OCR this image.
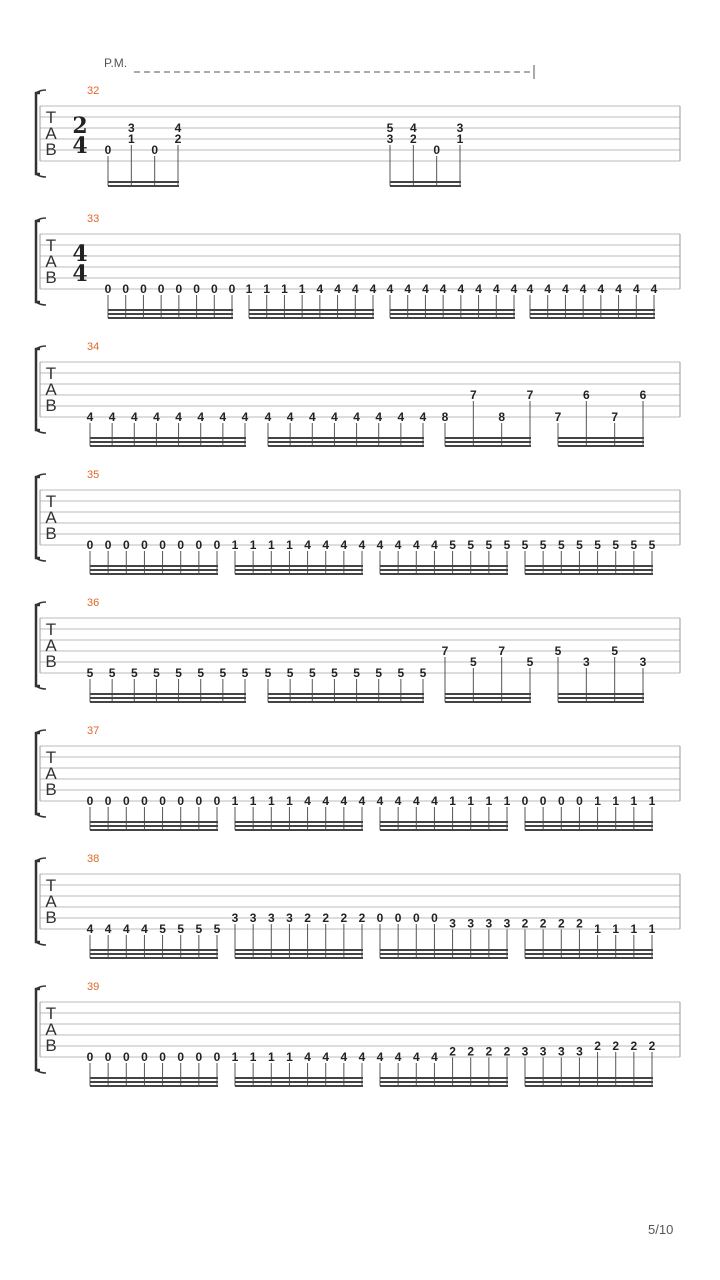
P.M.
32
T
A
B
2
4 0
1
3
0
2
4
3
5
2
4
0
1
3
33
T
A
B
4
4
0 0 0 0 0 0 0 0 1 1 1 1 4 4 4 4 4 4 4 4 4 4 4 4 4 4 4 4 4 4 4 4
34
T
A
B
4 4 4 4 4 4 4 4 4 4 4 4 4 4 4 4 8
7
8
7
7
6
7
6
35
T
A
B
0 0 0 0 0 0 0 0 1 1 1 1 4 4 4 4 4 4 4 4 5 5 5 5 5 5 5 5 5 5 5 5
36
T
A
B
5 5 5 5 5 5 5 5 5 5 5 5 5 5 5 5
7
5
7
5
5
3
5
3
37
T
A
B
0 0 0 0 0 0 0 0 1 1 1 1 4 4 4 4 4 4 4 4 1 1 1 1 0 0 0 0 1 1 1 1
38
T
A
B
4 4 4 4 5 5 5 5
3 3 3 3 2 2 2 2 0 0 0 0 3 3 3 3 2 2 2 2 1 1 1 1
39
T
A
B
0 0 0 0 0 0 0 0 1 1 1 1 4 4 4 4 4 4 4 4 2 2 2 2 3 3 3 3 2 2 2 2
5/10
